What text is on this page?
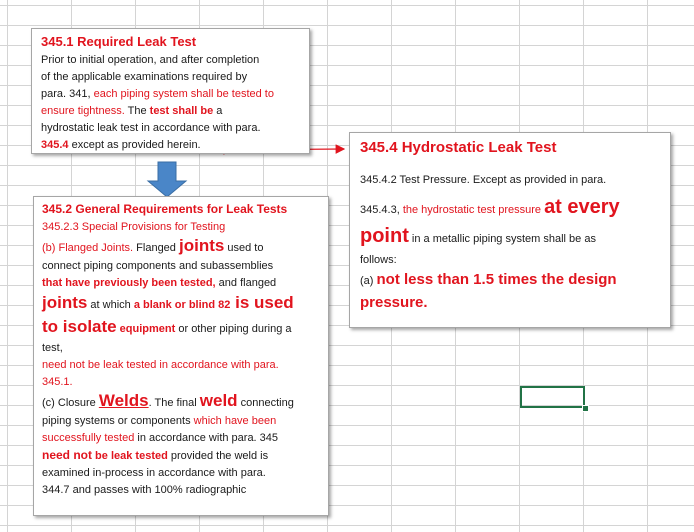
345.1 Required Leak Test

Prior to initial operation, and after completion

of the applicable examinations required by

para. 341, each piping system shall be tested to

ensure tightness. The test shall be a

hydrostatic leak test in accordance with para.

345.4 except as provided herein.

345.2 General Requirements for Leak Tests

345.2.3 Special Provisions for Testing

(b) Flanged Joints. Flanged joints used to

connect piping components and subassemblies

that have previously been tested, and flanged

joints at which a blank or blind 82 is used

to isolate equipment or other piping during a

test,

need not be leak tested in accordance with para.

345.1.

(c) Closure Welds. The final weld connecting

piping systems or components which have been

successfully tested in accordance with para. 345

need not be leak tested provided the weld is

examined in-process in accordance with para.

344.7 and passes with 100% radiographic

345.4 Hydrostatic Leak Test

345.4.2 Test Pressure. Except as provided in para.

345.4.3, the hydrostatic test pressure at every

point in a metallic piping system shall be as

follows:

(a) not less than 1.5 times the design

pressure.
